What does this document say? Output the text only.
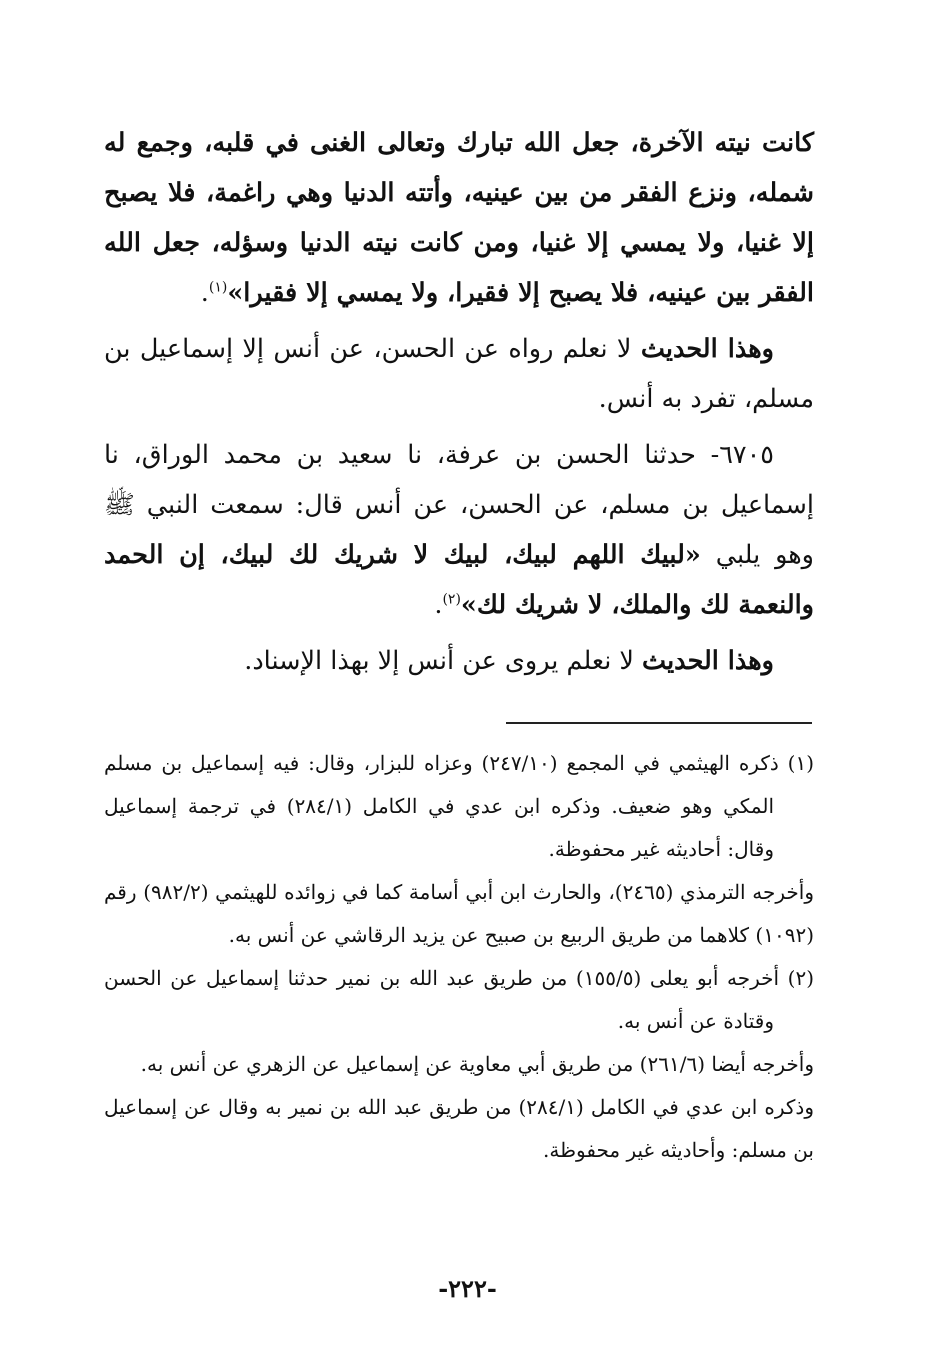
كانت نيته الآخرة، جعل الله تبارك وتعالى الغنى في قلبه، وجمع له شمله، ونزع الفقر من بين عينيه، وأتته الدنيا وهي راغمة، فلا يصبح إلا غنيا، ولا يمسي إلا غنيا، ومن كانت نيته الدنيا وسؤله، جعل الله الفقر بين عينيه، فلا يصبح إلا فقيرا، ولا يمسي إلا فقيرا»$^{(١)}$.

وهذا الحديث لا نعلم رواه عن الحسن، عن أنس إلا إسماعيل بن مسلم، تفرد به أنس.

٦٧٠٥- حدثنا الحسن بن عرفة، نا سعيد بن محمد الوراق، نا إسماعيل بن مسلم، عن الحسن، عن أنس قال: سمعت النبي ﷺ وهو يلبي «لبيك اللهم لبيك، لبيك لا شريك لك لبيك، إن الحمد والنعمة لك والملك، لا شريك لك»$^{(٢)}$.

وهذا الحديث لا نعلم يروى عن أنس إلا بهذا الإسناد.

(١) ذكره الهيثمي في المجمع (٢٤٧/١٠) وعزاه للبزار، وقال: فيه إسماعيل بن مسلم المكي وهو ضعيف. وذكره ابن عدي في الكامل (٢٨٤/١) في ترجمة إسماعيل وقال: أحاديثه غير محفوظة.

وأخرجه الترمذي (٢٤٦٥)، والحارث ابن أبي أسامة كما في زوائده للهيثمي (٩٨٢/٢) رقم (١٠٩٢) كلاهما من طريق الربيع بن صبيح عن يزيد الرقاشي عن أنس به.

(٢) أخرجه أبو يعلى (١٥٥/٥) من طريق عبد الله بن نمير حدثنا إسماعيل عن الحسن وقتادة عن أنس به.

وأخرجه أيضا (٢٦١/٦) من طريق أبي معاوية عن إسماعيل عن الزهري عن أنس به.

وذكره ابن عدي في الكامل (٢٨٤/١) من طريق عبد الله بن نمير به وقال عن إسماعيل بن مسلم: وأحاديثه غير محفوظة.

-٢٢٢-
